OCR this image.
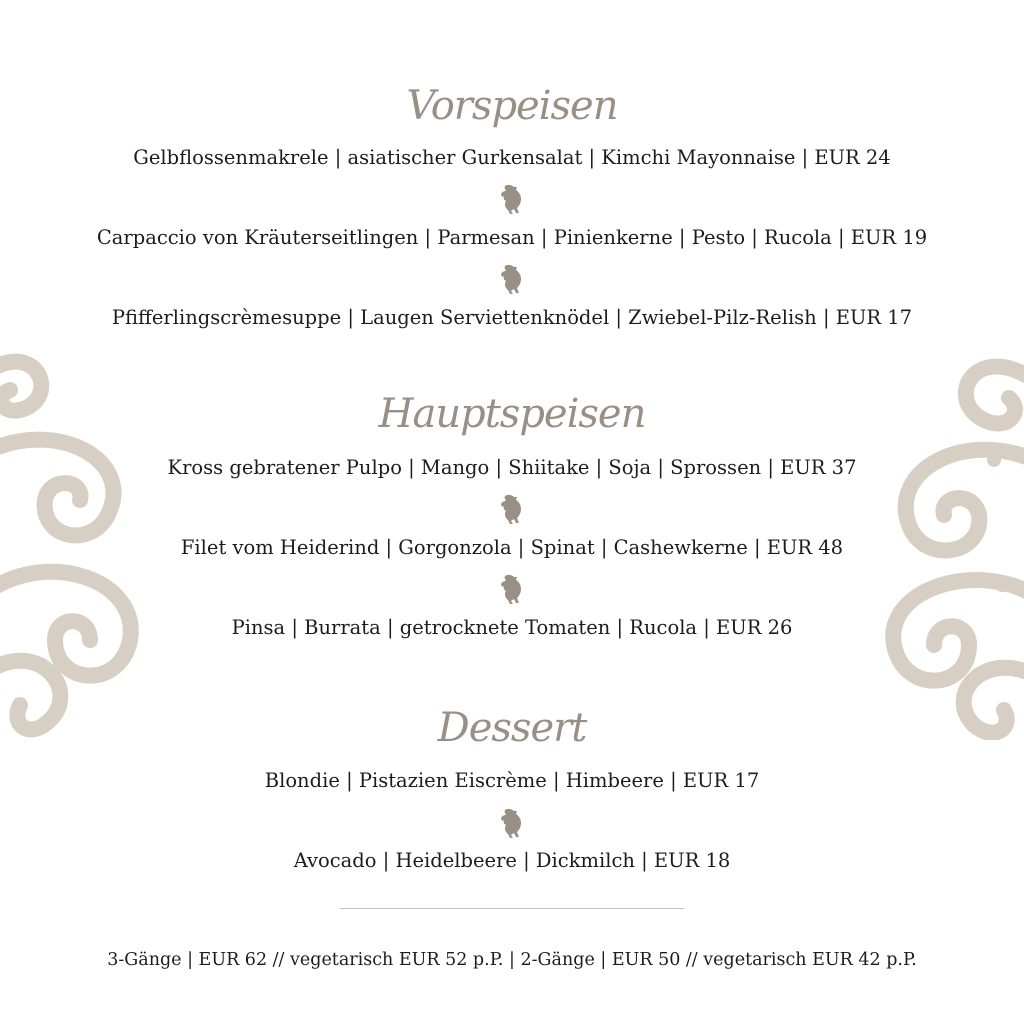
Vorspeisen
Gelbflossenmakrele | asiatischer Gurkensalat | Kimchi Mayonnaise | EUR 24
Carpaccio von Kräuterseitlingen | Parmesan | Pinienkerne | Pesto | Rucola | EUR 19
Pfifferlingscrèmesuppe | Laugen Serviettenknödel | Zwiebel-Pilz-Relish | EUR 17
Hauptspeisen
Kross gebratener Pulpo | Mango | Shiitake | Soja | Sprossen | EUR 37
Filet vom Heiderind | Gorgonzola | Spinat | Cashewkerne | EUR 48
Pinsa | Burrata | getrocknete Tomaten | Rucola | EUR 26
Dessert
Blondie | Pistazien Eiscrème | Himbeere | EUR 17
Avocado | Heidelbeere | Dickmilch | EUR 18
3-Gänge | EUR 62 // vegetarisch EUR 52 p.P. | 2-Gänge | EUR 50 // vegetarisch EUR 42 p.P.
